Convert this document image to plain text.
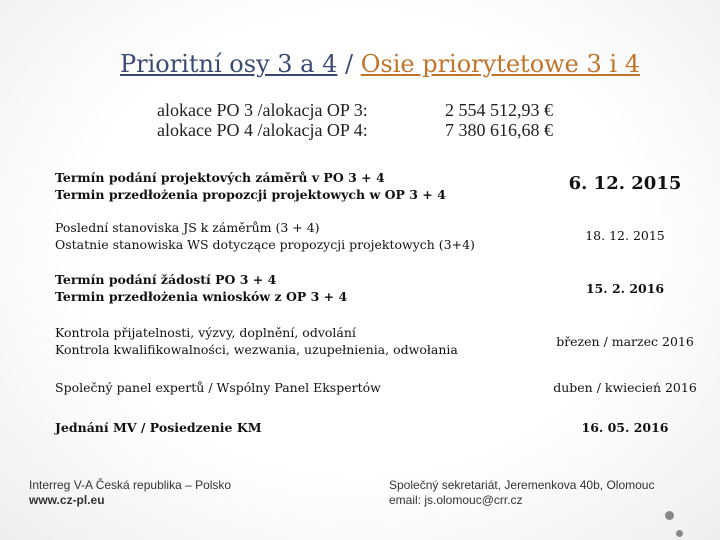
Prioritní osy 3 a 4 / Osie priorytetowe 3 i 4
alokace PO 3 /alokacja OP 3:
alokace PO 4 /alokacja OP 4:
2 554 512,93 €
7 380 616,68 €
Termín podání projektových záměrů v PO 3 + 4
Termin przedłożenia propozcji projektowych w OP 3 + 4
6. 12. 2015
Poslední stanoviska JS k záměrům (3 + 4)
Ostatnie stanowiska WS dotyczące propozycji projektowych (3+4)
18. 12. 2015
Termín podání žádostí PO 3 + 4
Termin przedłożenia wniosków z OP 3 + 4
15. 2. 2016
Kontrola přijatelnosti, výzvy, doplnění, odvolání
Kontrola kwalifikowalności, wezwania, uzupełnienia, odwołania
březen / marzec 2016
Společný panel expertů / Wspólny Panel Ekspertów	duben / kwiecień 2016
Jednání MV / Posiedzenie KM	16. 05. 2016
Interreg V-A Česká republika – Polsko
www.cz-pl.eu
Společný sekretariát, Jeremenkova 40b, Olomouc
email: js.olomouc@crr.cz
